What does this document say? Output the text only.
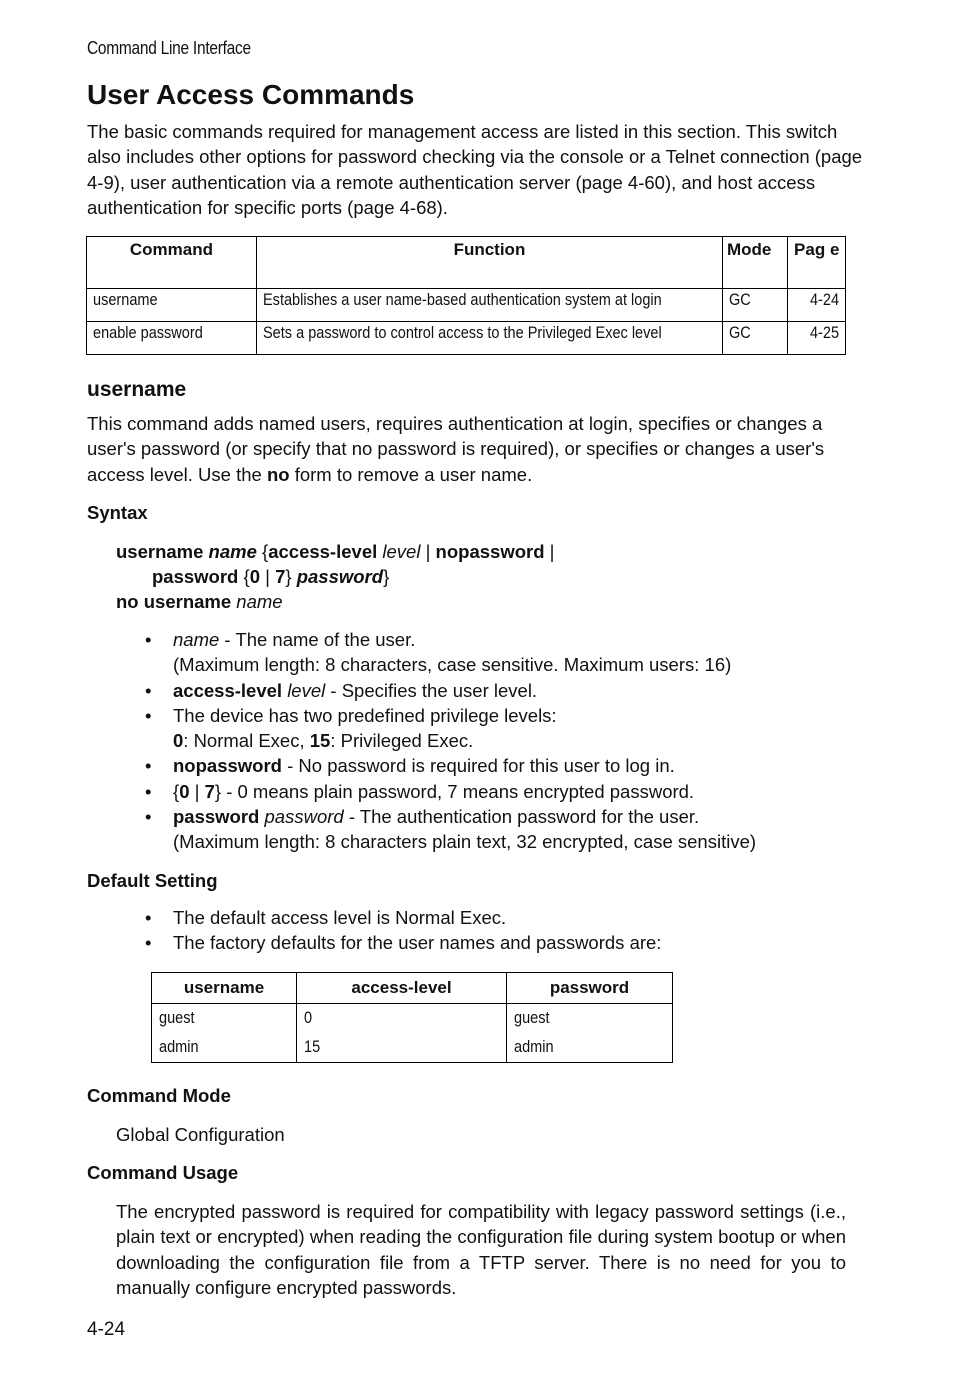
Command Line Interface
User Access Commands
The basic commands required for management access are listed in this section. This switch also includes other options for password checking via the console or a Telnet connection (page 4-9), user authentication via a remote authentication server (page 4-60), and host access authentication for specific ports (page 4-68).
Command	Function	Mode	Pag e
username	Establishes a user name-based authentication system at login	GC	4-24
enable password	Sets a password to control access to the Privileged Exec level	GC	4-25
username
This command adds named users, requires authentication at login, specifies or changes a user's password (or specify that no password is required), or specifies or changes a user's access level. Use the no form to remove a user name.
Syntax
username name {access-level level | nopassword |
password {0 | 7} password}
no username name
• name - The name of the user.
(Maximum length: 8 characters, case sensitive. Maximum users: 16)
• access-level level - Specifies the user level.
• The device has two predefined privilege levels:
0: Normal Exec, 15: Privileged Exec.
• nopassword - No password is required for this user to log in.
• {0 | 7} - 0 means plain password, 7 means encrypted password.
• password password - The authentication password for the user.
(Maximum length: 8 characters plain text, 32 encrypted, case sensitive)
Default Setting
• The default access level is Normal Exec.
• The factory defaults for the user names and passwords are:
username	access-level	password
guest	0	guest
admin	15	admin
Command Mode
Global Configuration
Command Usage
The encrypted password is required for compatibility with legacy password settings (i.e., plain text or encrypted) when reading the configuration file during system bootup or when downloading the configuration file from a TFTP server. There is no need for you to manually configure encrypted passwords.
4-24
